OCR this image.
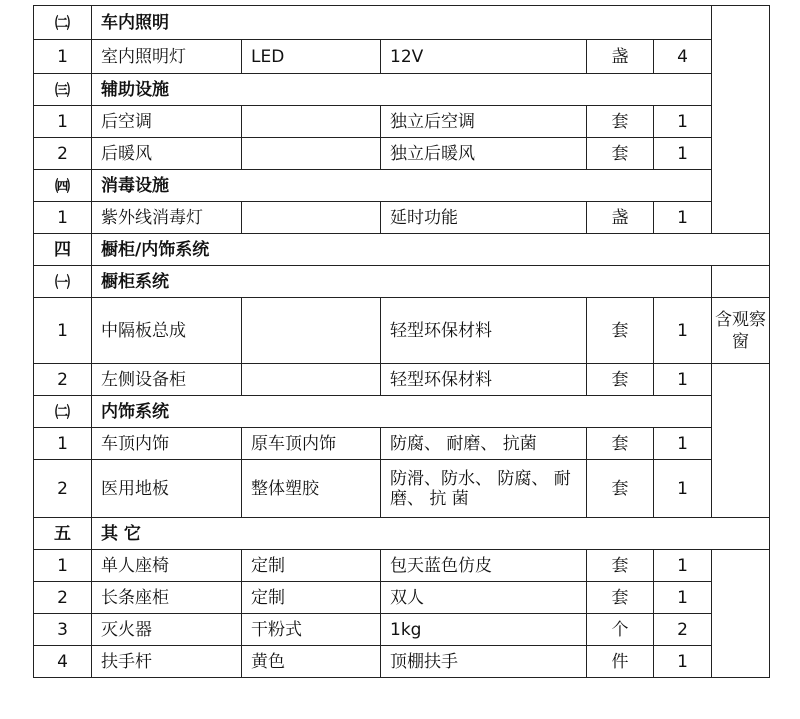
㈡	车内照明					
1	室内照明灯	LED	12V	盏	4	
㈢	辅助设施					
1	后空调		独立后空调	套	1	
2	后暖风		独立后暖风	套	1	
㈣	消毒设施					
1	紫外线消毒灯		延时功能	盏	1	
四	橱柜/内饰系统					
㈠	橱柜系统					
1	中隔板总成		轻型环保材料	套	1	含观察窗
2	左侧设备柜		轻型环保材料	套	1	
㈡	内饰系统					
1	车顶内饰	原车顶内饰	防腐、 耐磨、 抗菌	套	1	
2	医用地板	整体塑胶	防滑、防水、 防腐、 耐磨、 抗 菌	套	1	
五	其 它					
1	单人座椅	定制	包天蓝色仿皮	套	1	
2	长条座柜	定制	双人	套	1	
3	灭火器	干粉式	1kg	个	2	
4	扶手杆	黄色	顶棚扶手	件	1	
